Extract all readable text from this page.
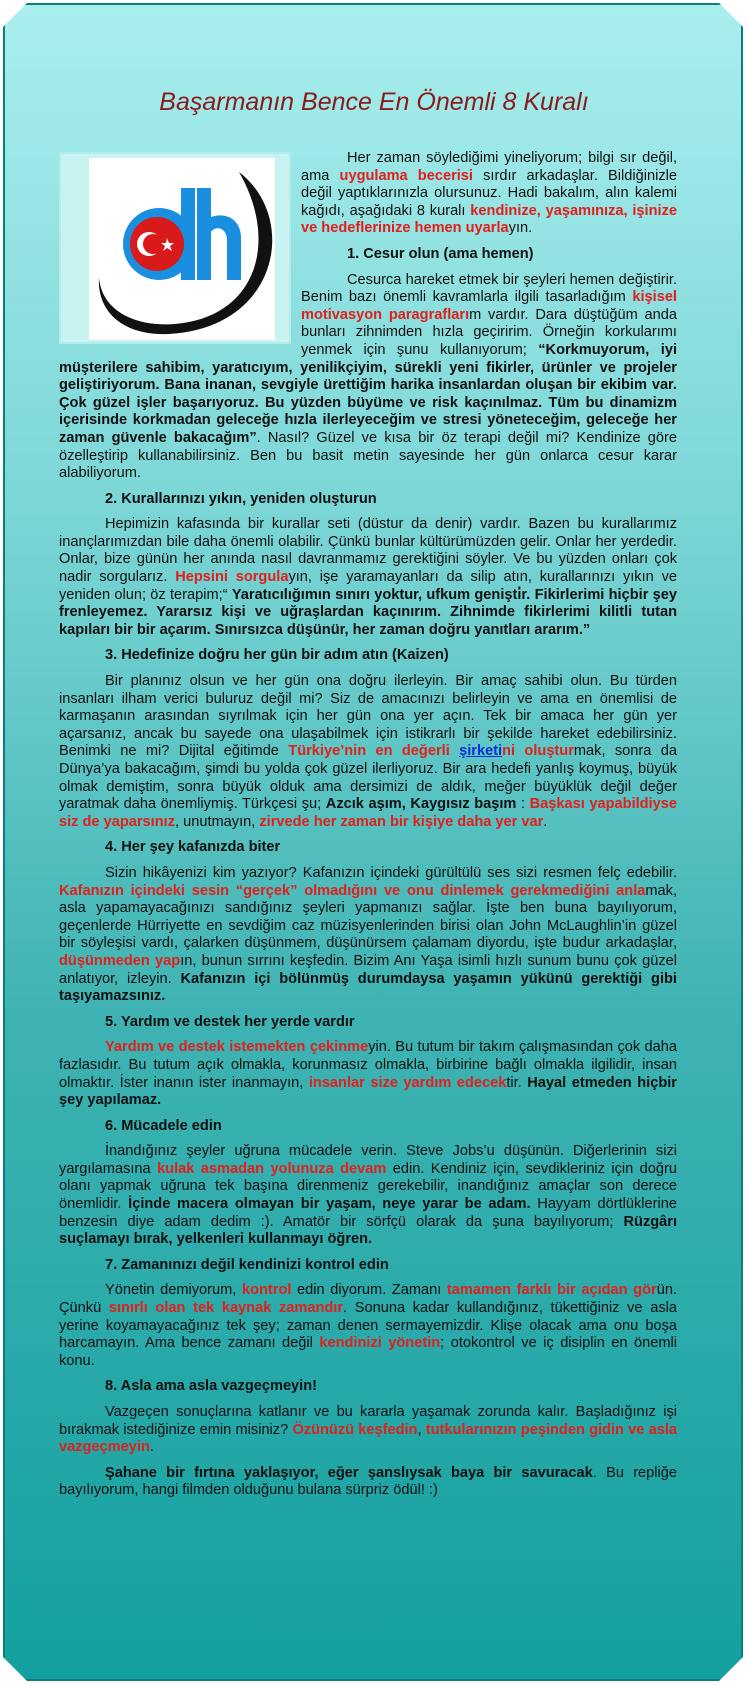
Başarmanın Bence En Önemli 8 Kuralı

Her zaman söylediğimi yineliyorum; bilgi sır değil, ama uygulama becerisi sırdır arkadaşlar. Bildiğinizle değil yaptıklarınızla olursunuz. Hadi bakalım, alın kalemi kağıdı, aşağıdaki 8 kuralı kendinize, yaşamınıza, işinize ve hedeflerinize hemen uyarlayın.

1. Cesur olun (ama hemen)

Cesurca hareket etmek bir şeyleri hemen değiştirir. Benim bazı önemli kavramlarla ilgili tasarladığım kişisel motivasyon paragraflarım vardır. Dara düştüğüm anda bunları zihnimden hızla geçiririm. Örneğin korkularımı yenmek için şunu kullanıyorum; “Korkmuyorum, iyi müşterilere sahibim, yaratıcıyım, yenilikçiyim, sürekli yeni fikirler, ürünler ve projeler geliştiriyorum. Bana inanan, sevgiyle ürettiğim harika insanlardan oluşan bir ekibim var. Çok güzel işler başarıyoruz. Bu yüzden büyüme ve risk kaçınılmaz. Tüm bu dinamizm içerisinde korkmadan geleceğe hızla ilerleyeceğim ve stresi yöneteceğim, geleceğe her zaman güvenle bakacağım”. Nasıl? Güzel ve kısa bir öz terapi değil mi? Kendinize göre özelleştirip kullanabilirsiniz. Ben bu basit metin sayesinde her gün onlarca cesur karar alabiliyorum.

2. Kurallarınızı yıkın, yeniden oluşturun

Hepimizin kafasında bir kurallar seti (düstur da denir) vardır. Bazen bu kurallarımız inançlarımızdan bile daha önemli olabilir. Çünkü bunlar kültürümüzden gelir. Onlar her yerdedir. Onlar, bize günün her anında nasıl davranmamız gerektiğini söyler. Ve bu yüzden onları çok nadir sorgularız. Hepsini sorgulayın, işe yaramayanları da silip atın, kurallarınızı yıkın ve yeniden olun; öz terapim;“ Yaratıcılığımın sınırı yoktur, ufkum genişti̇r. Fikirlerimi hiçbir şey frenleyemez. Yararsız kişi ve uğraşlardan kaçınırım. Zihnimde fikirlerimi kilitli tutan kapıları bir bir açarım. Sınırsızca düşünür, her zaman doğru yanıtları ararım.”

3. Hedefinize doğru her gün bir adım atın (Kaizen)

Bir planınız olsun ve her gün ona doğru ilerleyin. Bir amaç sahibi olun. Bu türden insanları ilham verici buluruz değil mi? Siz de amacınızı belirleyin ve ama en önemlisi de karmaşanın arasından sıyrılmak için her gün ona yer açın. Tek bir amaca her gün yer açarsanız, ancak bu sayede ona ulaşabilmek için istikrarlı bir şekilde hareket edebilirsiniz. Benimki ne mi? Dijital eğitimde Türkiye’nin en değerli şirketini oluşturmak, sonra da Dünya’ya bakacağım, şimdi bu yolda çok güzel ilerliyoruz. Bir ara hedefi yanlış koymuş, büyük olmak demiştim, sonra büyük olduk ama dersimizi de aldık, meğer büyüklük değil değer yaratmak daha önemliymiş. Türkçesi şu; Azcık aşım, Kaygısız başım : Başkası yapabildiyse siz de yaparsınız, unutmayın, zirvede her zaman bir kişiye daha yer var.

4. Her şey kafanızda biter

Sizin hikâyenizi kim yazıyor? Kafanızın içindeki gürültülü ses sizi resmen felç edebilir. Kafanızın içindeki sesin “gerçek” olmadığını ve onu dinlemek gerekmediğini anlamak, asla yapamayacağınızı sandığınız şeyleri yapmanızı sağlar. İşte ben buna bayılıyorum, geçenlerde Hürriyette en sevdiğim caz müzisyenlerinden birisi olan John McLaughlin’in güzel bir söyleşisi vardı, çalarken düşünmem, düşünürsem çalamam diyordu, işte budur arkadaşlar, düşünmeden yapın, bunun sırrını keşfedin. Bizim Anı Yaşa isimli hızlı sunum bunu çok güzel anlatıyor, izleyin. Kafanızın içi bölünmüş durumdaysa yaşamın yükünü gerektiği gibi taşıyamazsınız.

5. Yardım ve destek her yerde vardır

Yardım ve destek istemekten çekinmeyin. Bu tutum bir takım çalışmasından çok daha fazlasıdır. Bu tutum açık olmakla, korunmasız olmakla, birbirine bağlı olmakla ilgilidir, insan olmaktır. İster inanın ister inanmayın, insanlar size yardım edecektir. Hayal etmeden hiçbir şey yapılamaz.

6. Mücadele edin

İnandığınız şeyler uğruna mücadele verin. Steve Jobs’u düşünün. Diğerlerinin sizi yargılamasına kulak asmadan yolunuza devam edin. Kendiniz için, sevdikleriniz için doğru olanı yapmak uğruna tek başına direnmeniz gerekebilir, inandığınız amaçlar son derece önemlidir. İçinde macera olmayan bir yaşam, neye yarar be adam. Hayyam dörtlüklerine benzesin diye adam dedim :). Amatör bir sörfçü olarak da şuna bayılıyorum; Rüzgârı suçlamayı bırak, yelkenleri kullanmayı öğren.

7. Zamanınızı değil kendinizi kontrol edin

Yönetin demiyorum, kontrol edin diyorum. Zamanı tamamen farklı bir açıdan görün. Çünkü sınırlı olan tek kaynak zamandır. Sonuna kadar kullandığınız, tükettiğiniz ve asla yerine koyamayacağınız tek şey; zaman denen sermayemizdir. Klişe olacak ama onu boşa harcamayın. Ama bence zamanı değil kendinizi yönetin; otokontrol ve iç disiplin en önemli konu.

8. Asla ama asla vazgeçmeyin!

Vazgeçen sonuçlarına katlanır ve bu kararla yaşamak zorunda kalır. Başladığınız işi bırakmak istediğinize emin misiniz? Özünüzü keşfedin, tutkularınızın peşinden gidin ve asla vazgeçmeyin.

Şahane bir fırtına yaklaşıyor, eğer şanslıysak baya bir savuracak. Bu repliğe bayılıyorum, hangi filmden olduğunu bulana sürpriz ödül! :)
